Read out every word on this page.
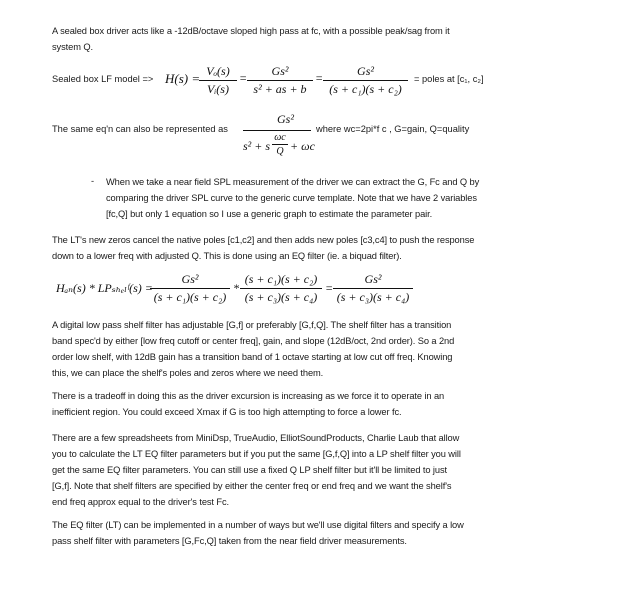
A sealed box driver acts like a -12dB/octave sloped high pass at fc, with a possible peak/sag from it
system Q.
Sealed box LF model => H(s) =
$\frac{\text{Vₒ(s)}}{\text{Vᵢ(s)}} = \frac{\text{Gs²}}{\text{s² + as + b}} = \frac{\text{Gs²}}{\text{(s + c₁)(s + c₂)}}$ = poles at [c₁, c₂]
The same eq'n can also be represented as
Gs²
s² + s $\frac{\omega c}{Q} + \omega c$
where wc=2pi*f c , G=gain, Q=quality
- When we take a near field SPL measurement of the driver we can extract the G, Fc and Q by
comparing the driver SPL curve to the generic curve template. Note that we have 2 variables
[fc,Q] but only 1 equation so I use a generic graph to estimate the parameter pair.
The LT's new zeros cancel the native poles [c1,c2] and then adds new poles [c3,c4] to push the response
down to a lower freq with adjusted Q. This is done using an EQ filter (ie. a biquad filter).
Hₐₙ(s) * LPₛₕₑₗᶠ(s) =
$\frac{\text{Gs²}}{\text{(s + c₁)(s + c₂)}} * \frac{\text{(s + c₁)(s + c₂)}}{\text{(s + c₃)(s + c₄)}} = \frac{\text{Gs²}}{\text{(s + c₃)(s + c₄)}}$
A digital low pass shelf filter has adjustable [G,f] or preferably [G,f,Q]. The shelf filter has a transition
band spec'd by either [low freq cutoff or center freq], gain, and slope (12dB/oct, 2nd order). So a 2nd
order low shelf, with 12dB gain has a transition band of 1 octave starting at low cut off freq. Knowing
this, we can place the shelf's poles and zeros where we need them.
There is a tradeoff in doing this as the driver excursion is increasing as we force it to operate in an
inefficient region. You could exceed Xmax if G is too high attempting to force a lower fc.
There are a few spreadsheets from MiniDsp, TrueAudio, ElliotSoundProducts, Charlie Laub that allow
you to calculate the LT EQ filter parameters but if you put the same [G,f,Q] into a LP shelf filter you will
get the same EQ filter parameters. You can still use a fixed Q LP shelf filter but it'll be limited to just
[G,f]. Note that shelf filters are specified by either the center freq or end freq and we want the shelf's
end freq approx equal to the driver's test Fc.
The EQ filter (LT) can be implemented in a number of ways but we'll use digital filters and specify a low
pass shelf filter with parameters [G,Fc,Q] taken from the near field driver measurements.
